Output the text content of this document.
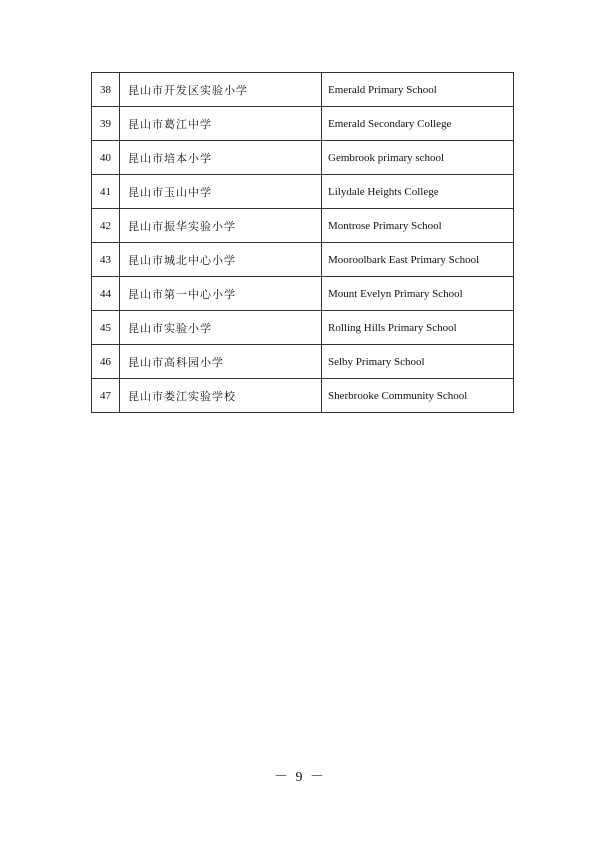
38	昆山市开发区实验小学	Emerald Primary School
39	昆山市葛江中学	Emerald Secondary College
40	昆山市培本小学	Gembrook primary school
41	昆山市玉山中学	Lilydale Heights College
42	昆山市振华实验小学	Montrose Primary School
43	昆山市城北中心小学	Mooroolbark East Primary School
44	昆山市第一中心小学	Mount Evelyn Primary School
45	昆山市实验小学	Rolling Hills Primary School
46	昆山市高科园小学	Selby Primary School
47	昆山市娄江实验学校	Sherbrooke Community School
－ 9 －
